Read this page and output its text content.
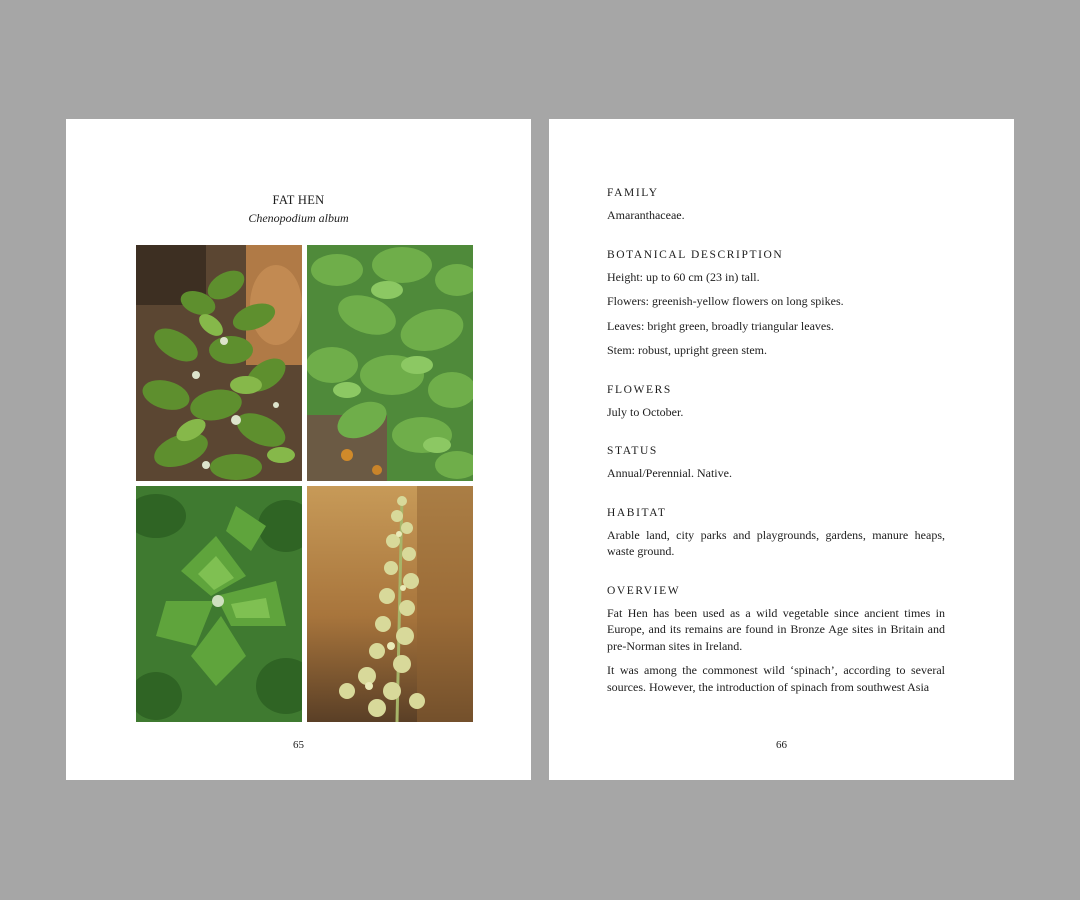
FAT HEN
Chenopodium album
65
FAMILY

Amaranthaceae.

BOTANICAL DESCRIPTION

Height: up to 60 cm (23 in) tall.

Flowers: greenish-yellow flowers on long spikes.

Leaves: bright green, broadly triangular leaves.

Stem: robust, upright green stem.

FLOWERS

July to October.

STATUS

Annual/Perennial. Native.

HABITAT

Arable land, city parks and playgrounds, gardens, manure heaps, waste ground.

OVERVIEW

Fat Hen has been used as a wild vegetable since ancient times in Europe, and its remains are found in Bronze Age sites in Britain and pre-Norman sites in Ireland.

It was among the commonest wild ‘spinach’, according to several sources. However, the introduction of spinach from southwest Asia

66
